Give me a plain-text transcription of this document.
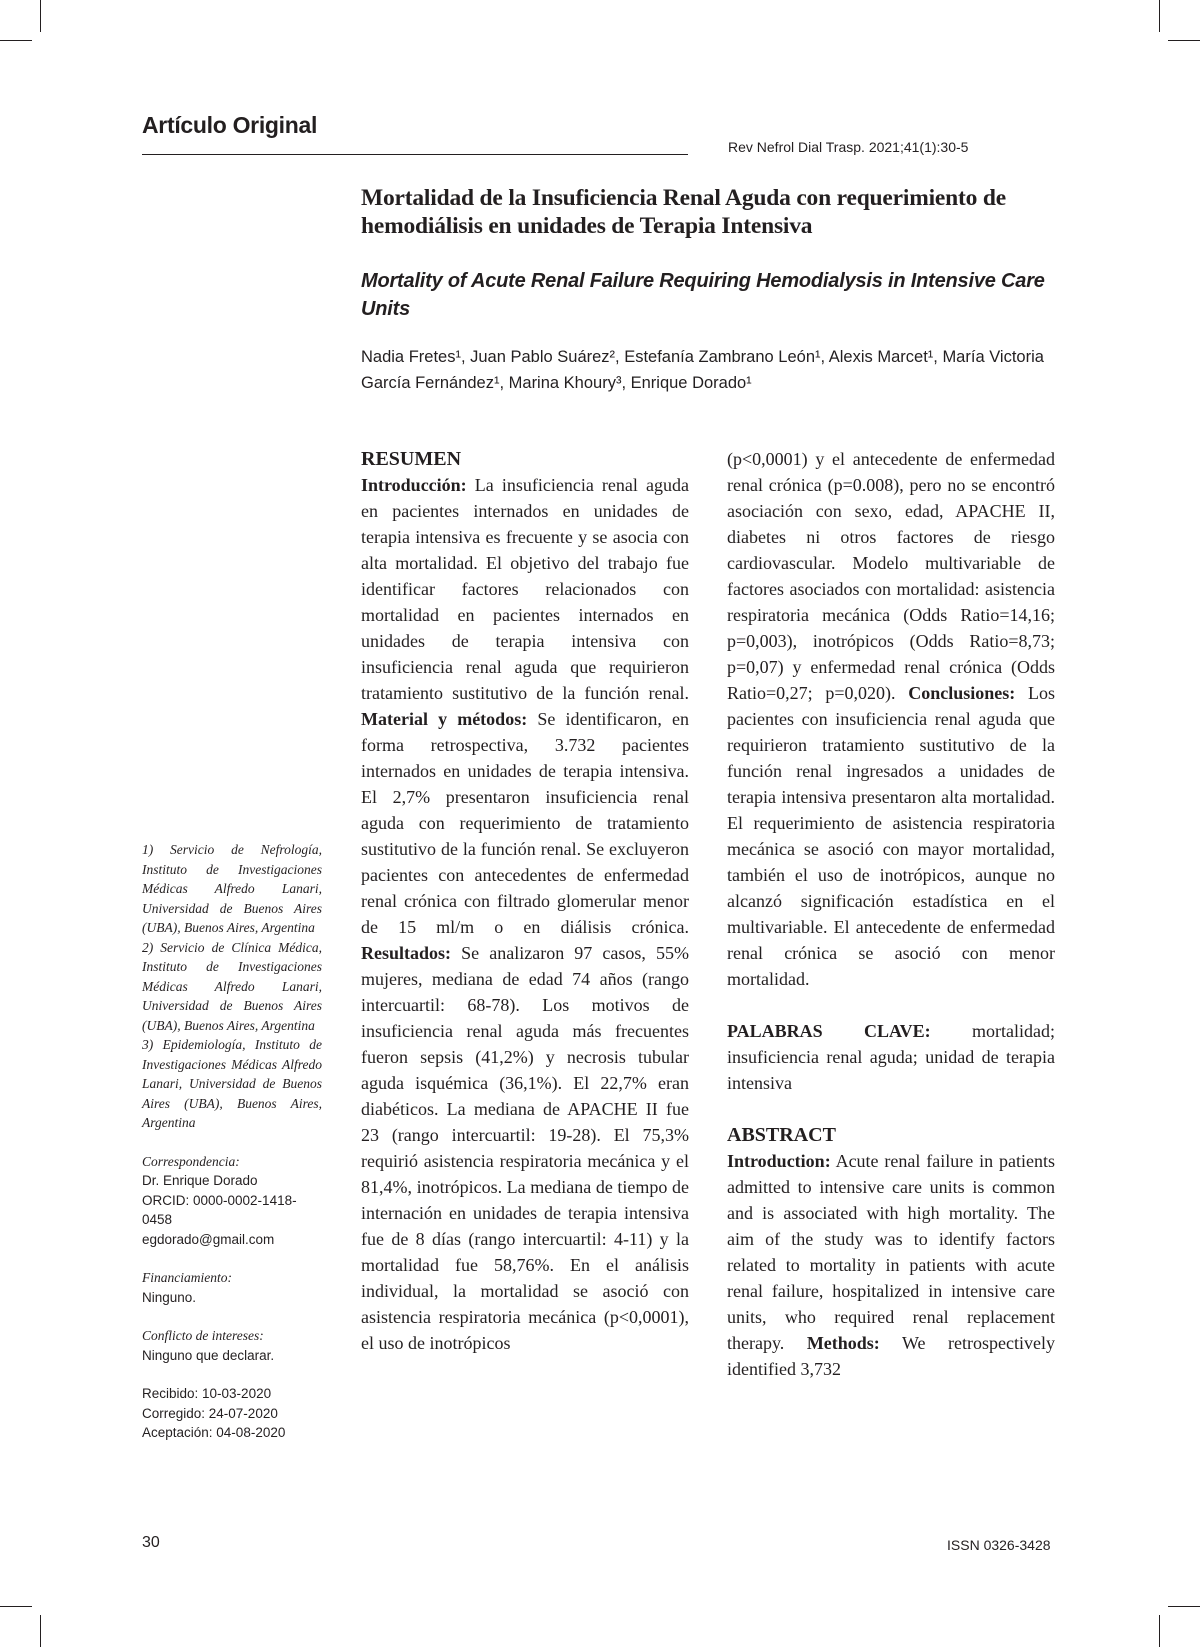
Artículo Original
Rev Nefrol Dial Trasp. 2021;41(1):30-5
Mortalidad de la Insuficiencia Renal Aguda con requerimiento de hemodiálisis en unidades de Terapia Intensiva
Mortality of Acute Renal Failure Requiring Hemodialysis in Intensive Care Units

Nadia Fretes¹, Juan Pablo Suárez², Estefanía Zambrano León¹, Alexis Marcet¹, María Victoria García Fernández¹, Marina Khoury³, Enrique Dorado¹

1) Servicio de Nefrología, Instituto de Investigaciones Médicas Alfredo Lanari, Universidad de Buenos Aires (UBA), Buenos Aires, Argentina

2) Servicio de Clínica Médica, Instituto de Investigaciones Médicas Alfredo Lanari, Universidad de Buenos Aires (UBA), Buenos Aires, Argentina

3) Epidemiología, Instituto de Investigaciones Médicas Alfredo Lanari, Universidad de Buenos Aires (UBA), Buenos Aires, Argentina

Correspondencia:

Dr. Enrique Dorado

ORCID: 0000-0002-1418-0458

egdorado@gmail.com

Financiamiento:

Ninguno.

Conflicto de intereses:

Ninguno que declarar.

Recibido: 10-03-2020

Corregido: 24-07-2020

Aceptación: 04-08-2020

RESUMEN

Introducción: La insuficiencia renal aguda en pacientes internados en unidades de terapia intensiva es frecuente y se asocia con alta mortalidad. El objetivo del trabajo fue identificar factores relacionados con mortalidad en pacientes internados en unidades de terapia intensiva con insuficiencia renal aguda que requirieron tratamiento sustitutivo de la función renal. Material y métodos: Se identificaron, en forma retrospectiva, 3.732 pacientes internados en unidades de terapia intensiva. El 2,7% presentaron insuficiencia renal aguda con requerimiento de tratamiento sustitutivo de la función renal. Se excluyeron pacientes con antecedentes de enfermedad renal crónica con filtrado glomerular menor de 15 ml/m o en diálisis crónica. Resultados: Se analizaron 97 casos, 55% mujeres, mediana de edad 74 años (rango intercuartil: 68-78). Los motivos de insuficiencia renal aguda más frecuentes fueron sepsis (41,2%) y necrosis tubular aguda isquémica (36,1%). El 22,7% eran diabéticos. La mediana de APACHE II fue 23 (rango intercuartil: 19-28). El 75,3% requirió asistencia respiratoria mecánica y el 81,4%, inotrópicos. La mediana de tiempo de internación en unidades de terapia intensiva fue de 8 días (rango intercuartil: 4-11) y la mortalidad fue 58,76%. En el análisis individual, la mortalidad se asoció con asistencia respiratoria mecánica (p<0,0001), el uso de inotrópicos

(p<0,0001) y el antecedente de enfermedad renal crónica (p=0.008), pero no se encontró asociación con sexo, edad, APACHE II, diabetes ni otros factores de riesgo cardiovascular. Modelo multivariable de factores asociados con mortalidad: asistencia respiratoria mecánica (Odds Ratio=14,16; p=0,003), inotrópicos (Odds Ratio=8,73; p=0,07) y enfermedad renal crónica (Odds Ratio=0,27; p=0,020). Conclusiones: Los pacientes con insuficiencia renal aguda que requirieron tratamiento sustitutivo de la función renal ingresados a unidades de terapia intensiva presentaron alta mortalidad. El requerimiento de asistencia respiratoria mecánica se asoció con mayor mortalidad, también el uso de inotrópicos, aunque no alcanzó significación estadística en el multivariable. El antecedente de enfermedad renal crónica se asoció con menor mortalidad.

PALABRAS CLAVE: mortalidad; insuficiencia renal aguda; unidad de terapia intensiva

ABSTRACT

Introduction: Acute renal failure in patients admitted to intensive care units is common and is associated with high mortality. The aim of the study was to identify factors related to mortality in patients with acute renal failure, hospitalized in intensive care units, who required renal replacement therapy. Methods: We retrospectively identified 3,732

30	ISSN 0326-3428
